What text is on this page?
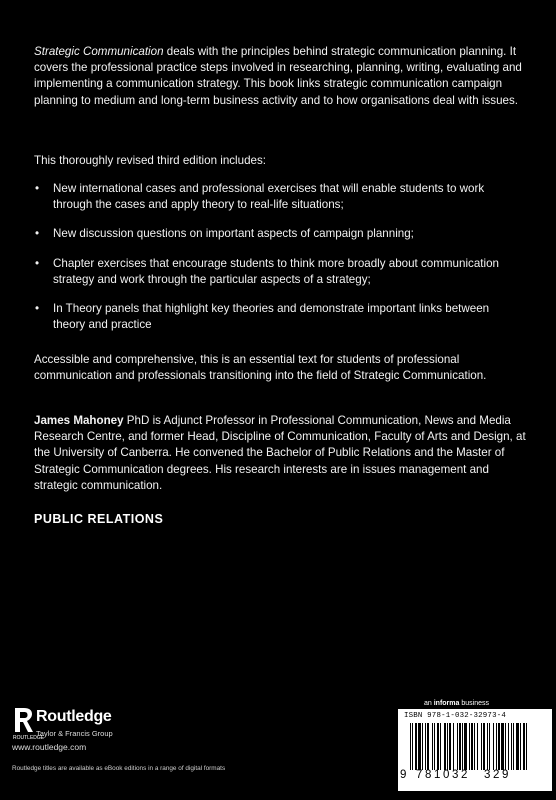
Strategic Communication deals with the principles behind strategic communication planning. It covers the professional practice steps involved in researching, planning, writing, evaluating and implementing a communication strategy. This book links strategic communication campaign planning to medium and long-term business activity and to how organisations deal with issues.

This thoroughly revised third edition includes:
• New international cases and professional exercises that will enable students to work through the cases and apply theory to real-life situations;
• New discussion questions on important aspects of campaign planning;
• Chapter exercises that encourage students to think more broadly about communication strategy and work through the particular aspects of a strategy;
• In Theory panels that highlight key theories and demonstrate important links between theory and practice
Accessible and comprehensive, this is an essential text for students of professional communication and professionals transitioning into the field of Strategic Communication.
James Mahoney PhD is Adjunct Professor in Professional Communication, News and Media Research Centre, and former Head, Discipline of Communication, Faculty of Arts and Design, at the University of Canberra. He convened the Bachelor of Public Relations and the Master of Strategic Communication degrees. His research interests are in issues management and strategic communication.
PUBLIC RELATIONS
ROUTLEDGE
Routledge
Taylor & Francis Group
www.routledge.com
Routledge titles are available as eBook editions in a range of digital formats
an informa business
ISBN 978-1-032-32973-4
9 781032 329
